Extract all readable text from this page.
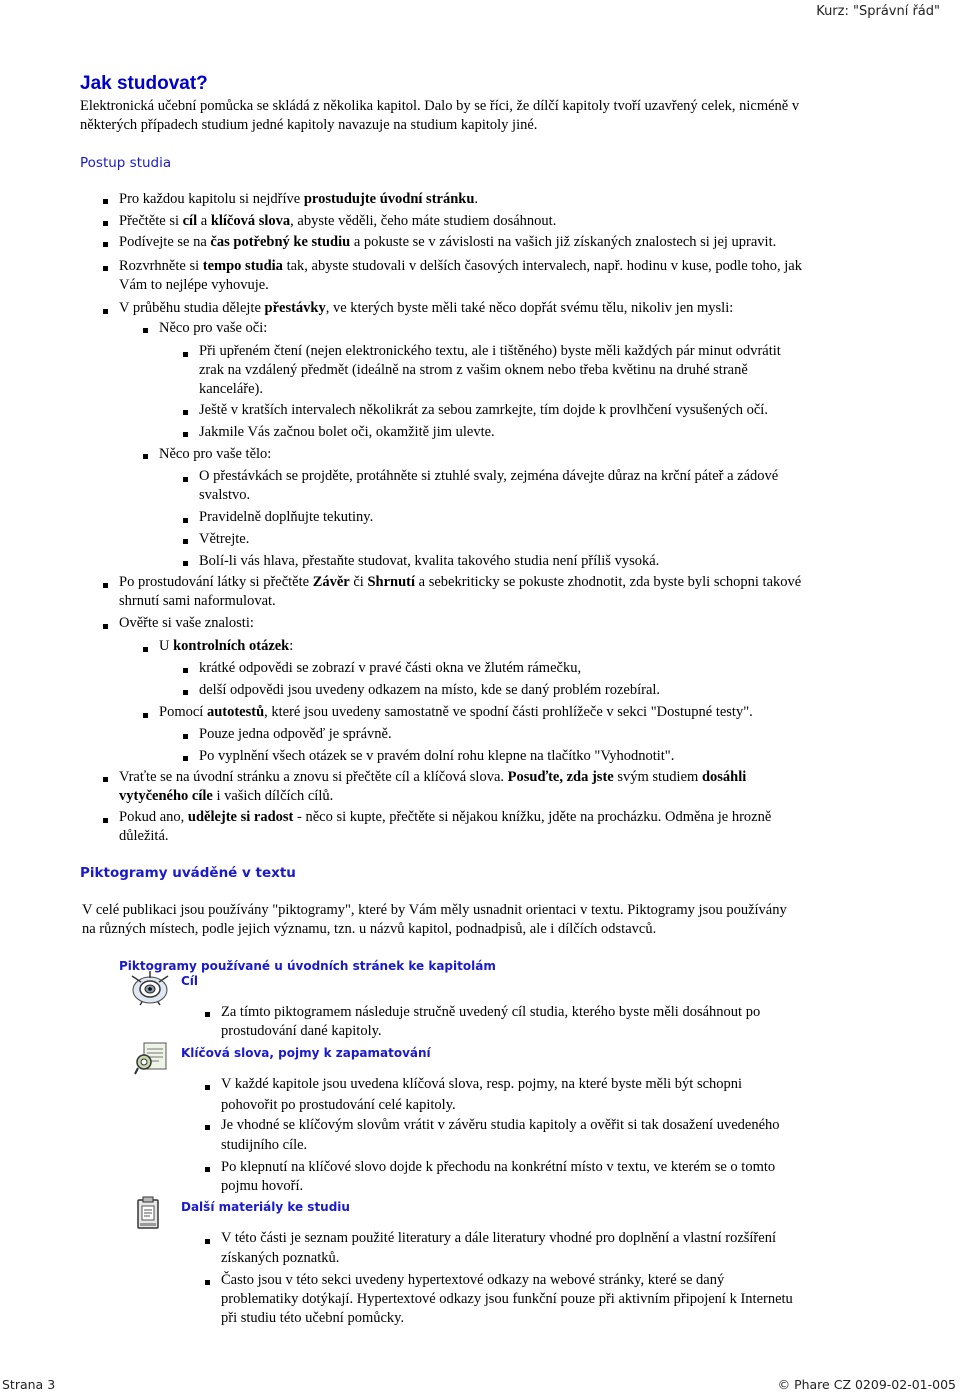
Kurz: "Správní řád"
Jak studovat?
Elektronická učební pomůcka se skládá z několika kapitol. Dalo by se říci, že dílčí kapitoly tvoří uzavřený celek, nicméně v
některých případech studium jedné kapitoly navazuje na studium kapitoly jiné.
Postup studia
Pro každou kapitolu si nejdříve prostudujte úvodní stránku.
Přečtěte si cíl a klíčová slova, abyste věděli, čeho máte studiem dosáhnout.
Podívejte se na čas potřebný ke studiu a pokuste se v závislosti na vašich již získaných znalostech si jej upravit.
Rozvrhněte si tempo studia tak, abyste studovali v delších časových intervalech, např. hodinu v kuse, podle toho, jak
Vám to nejlépe vyhovuje.
V průběhu studia dělejte přestávky, ve kterých byste měli také něco dopřát svému tělu, nikoliv jen mysli:
Něco pro vaše oči:
Při upřeném čtení (nejen elektronického textu, ale i tištěného) byste měli každých pár minut odvrátit
zrak na vzdálený předmět (ideálně na strom z vašim oknem nebo třeba květinu na druhé straně
kanceláře).
Ještě v kratších intervalech několikrát za sebou zamrkejte, tím dojde k provlhčení vysušených očí.
Jakmile Vás začnou bolet oči, okamžitě jim ulevte.
Něco pro vaše tělo:
O přestávkách se projděte, protáhněte si ztuhlé svaly, zejména dávejte důraz na krční páteř a zádové
svalstvo.
Pravidelně doplňujte tekutiny.
Větrejte.
Bolí-li vás hlava, přestaňte studovat, kvalita takového studia není příliš vysoká.
Po prostudování látky si přečtěte Závěr či Shrnutí a sebekriticky se pokuste zhodnotit, zda byste byli schopni takové
shrnutí sami naformulovat.
Ověřte si vaše znalosti:
U kontrolních otázek:
krátké odpovědi se zobrazí v pravé části okna ve žlutém rámečku,
delší odpovědi jsou uvedeny odkazem na místo, kde se daný problém rozebíral.
Pomocí autotestů, které jsou uvedeny samostatně ve spodní části prohlížeče v sekci "Dostupné testy".
Pouze jedna odpověď je správně.
Po vyplnění všech otázek se v pravém dolní rohu klepne na tlačítko "Vyhodnotit".
Vraťte se na úvodní stránku a znovu si přečtěte cíl a klíčová slova. Posuďte, zda jste svým studiem dosáhli
vytyčeného cíle i vašich dílčích cílů.
Pokud ano, udělejte si radost - něco si kupte, přečtěte si nějakou knížku, jděte na procházku. Odměna je hrozně
důležitá.
Piktogramy uváděné v textu
V celé publikaci jsou používány "piktogramy", které by Vám měly usnadnit orientaci v textu. Piktogramy jsou používány
na různých místech, podle jejich významu, tzn. u názvů kapitol, podnadpisů, ale i dílčích odstavců.
Piktogramy používané u úvodních stránek ke kapitolám
Cíl
Za tímto piktogramem následuje stručně uvedený cíl studia, kterého byste měli dosáhnout po
prostudování dané kapitoly.
Klíčová slova, pojmy k zapamatování
V každé kapitole jsou uvedena klíčová slova, resp. pojmy, na které byste měli být schopni
pohovořit po prostudování celé kapitoly.
Je vhodné se klíčovým slovům vrátit v závěru studia kapitoly a ověřit si tak dosažení uvedeného
studijního cíle.
Po klepnutí na klíčové slovo dojde k přechodu na konkrétní místo v textu, ve kterém se o tomto
pojmu hovoří.
Další materiály ke studiu
V této části je seznam použité literatury a dále literatury vhodné pro doplnění a vlastní rozšíření
získaných poznatků.
Často jsou v této sekci uvedeny hypertextové odkazy na webové stránky, které se daný
problematiky dotýkají. Hypertextové odkazy jsou funkční pouze při aktivním připojení k Internetu
při studiu této učební pomůcky.
Strana 3	© Phare CZ 0209-02-01-005
